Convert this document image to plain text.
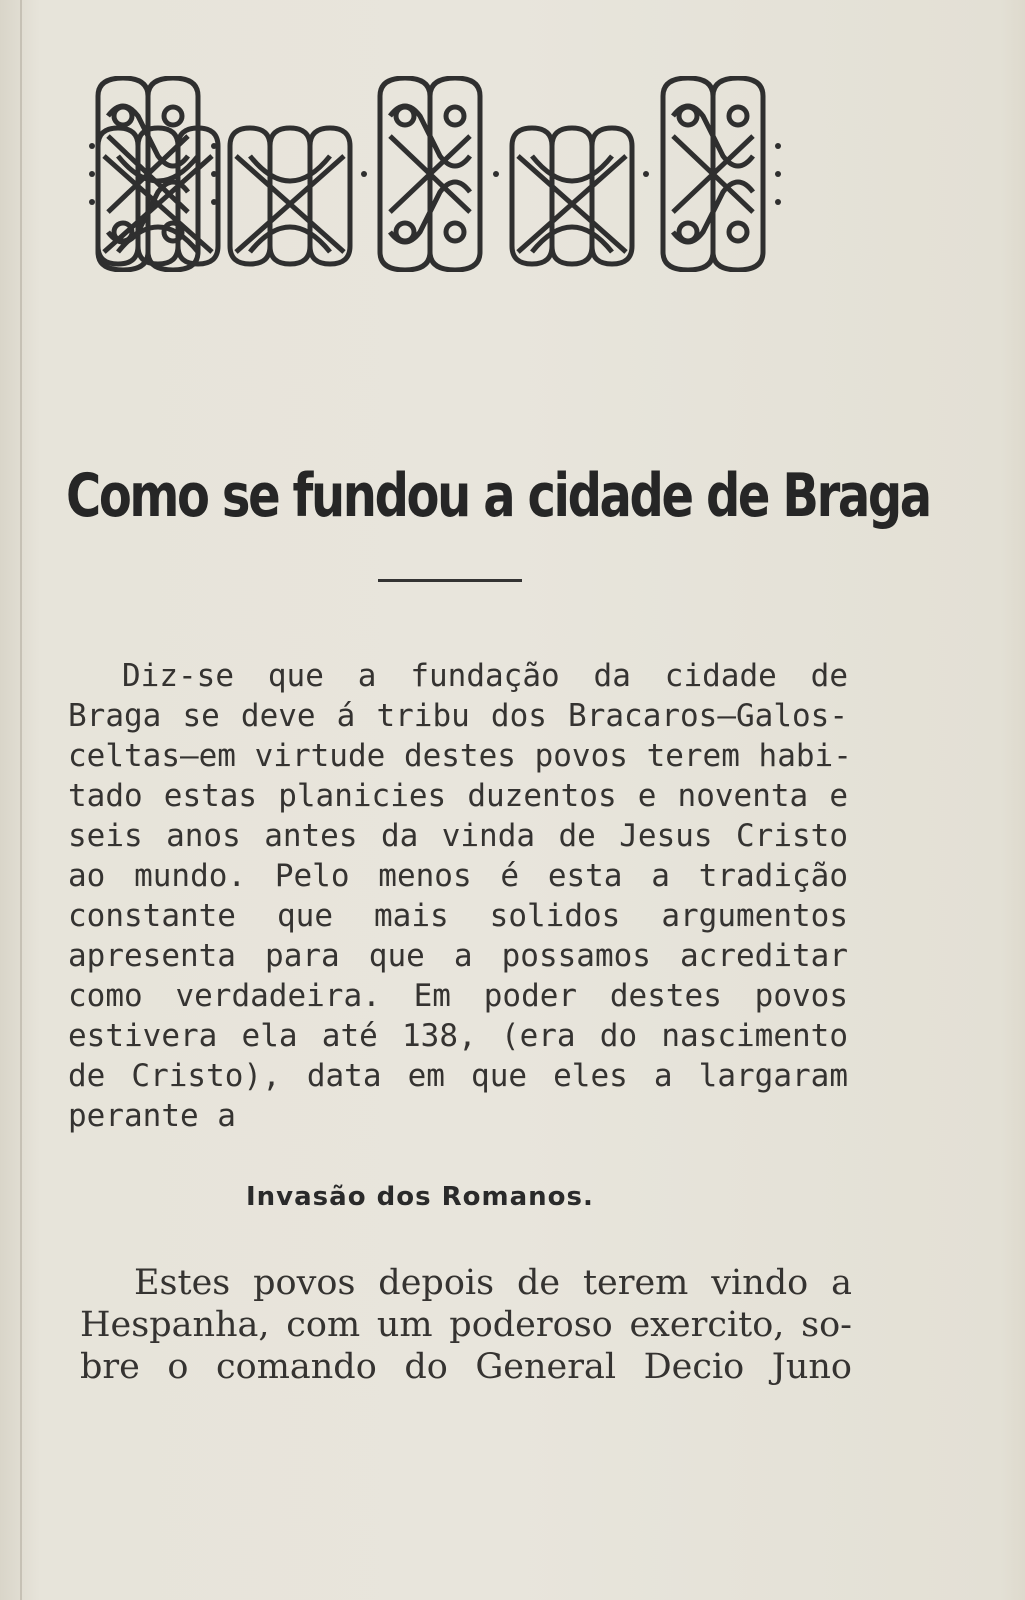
Como se fundou a cidade de Braga

Diz-se que a fundação da cidade de
Braga se deve á tribu dos Bracaros—Galos-
celtas—em virtude destes povos terem habi-
tado estas planicies duzentos e noventa e
seis anos antes da vinda de Jesus Cristo
ao mundo. Pelo menos é esta a tradição
constante que mais solidos argumentos
apresenta para que a possamos acreditar
como verdadeira. Em poder destes povos
estivera ela até 138, (era do nascimento
de Cristo), data em que eles a largaram
perante a

Invasão dos Romanos.

Estes povos depois de terem vindo a
Hespanha, com um poderoso exercito, so-
bre o comando do General Decio Juno
